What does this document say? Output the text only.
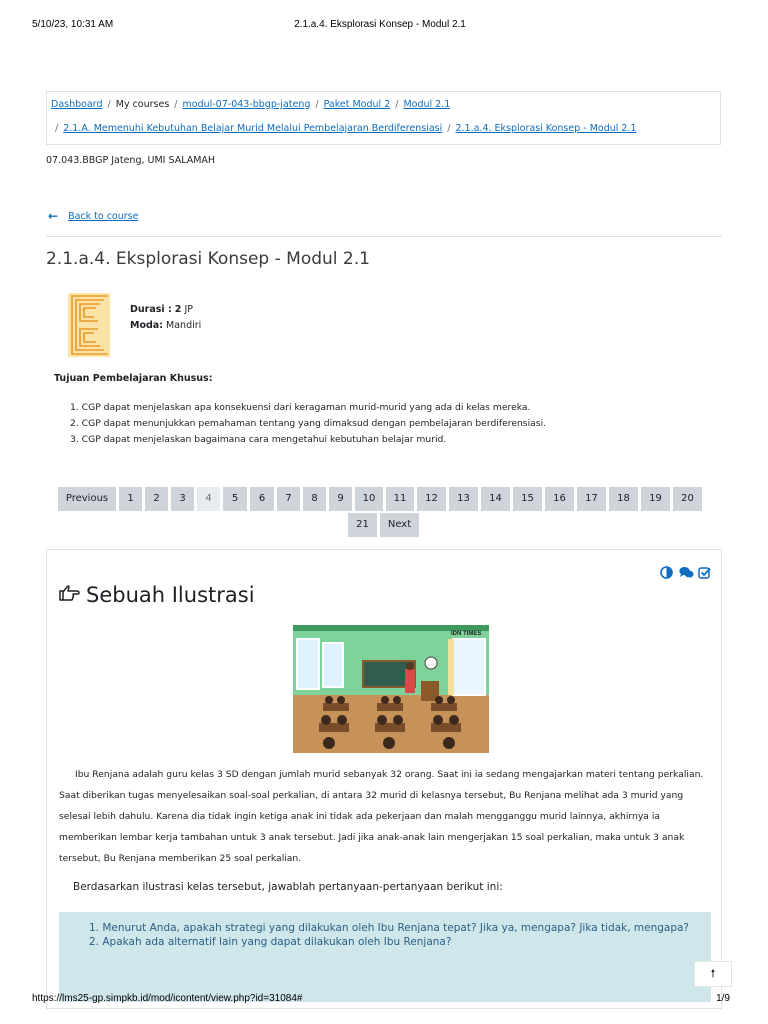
5/10/23, 10:31 AM	2.1.a.4. Eksplorasi Konsep - Modul 2.1
Dashboard / My courses / modul-07-043-bbgp-jateng / Paket Modul 2 / Modul 2.1
/ 2.1.A. Memenuhi Kebutuhan Belajar Murid Melalui Pembelajaran Berdiferensiasi / 2.1.a.4. Eksplorasi Konsep - Modul 2.1
07.043.BBGP Jateng, UMI SALAMAH
← Back to course
2.1.a.4. Eksplorasi Konsep - Modul 2.1
Durasi : 2 JP
Moda: Mandiri
Tujuan Pembelajaran Khusus:
1. CGP dapat menjelaskan apa konsekuensi dari keragaman murid-murid yang ada di kelas mereka.
2. CGP dapat menunjukkan pemahaman tentang yang dimaksud dengan pembelajaran berdiferensiasi.
3. CGP dapat menjelaskan bagaimana cara mengetahui kebutuhan belajar murid.
Previous	1	2	3	4	5	6	7	8	9	10	11	12	13	14	15	16	17	18	19	20
21	Next
Sebuah Ilustrasi
IDN TIMES

Ibu Renjana adalah guru kelas 3 SD dengan jumlah murid sebanyak 32 orang. Saat ini ia sedang mengajarkan materi tentang perkalian. Saat diberikan tugas menyelesaikan soal-soal perkalian, di antara 32 murid di kelasnya tersebut, Bu Renjana melihat ada 3 murid yang selesai lebih dahulu. Karena dia tidak ingin ketiga anak ini tidak ada pekerjaan dan malah mengganggu murid lainnya, akhirnya ia memberikan lembar kerja tambahan untuk 3 anak tersebut. Jadi jika anak-anak lain mengerjakan 15 soal perkalian, maka untuk 3 anak tersebut, Bu Renjana memberikan 25 soal perkalian.

Berdasarkan ilustrasi kelas tersebut, jawablah pertanyaan-pertanyaan berikut ini:

1. Menurut Anda, apakah strategi yang dilakukan oleh Ibu Renjana tepat? Jika ya, mengapa? Jika tidak, mengapa?
2. Apakah ada alternatif lain yang dapat dilakukan oleh Ibu Renjana?
🠕
https://lms25-gp.simpkb.id/mod/icontent/view.php?id=31084#	1/9
